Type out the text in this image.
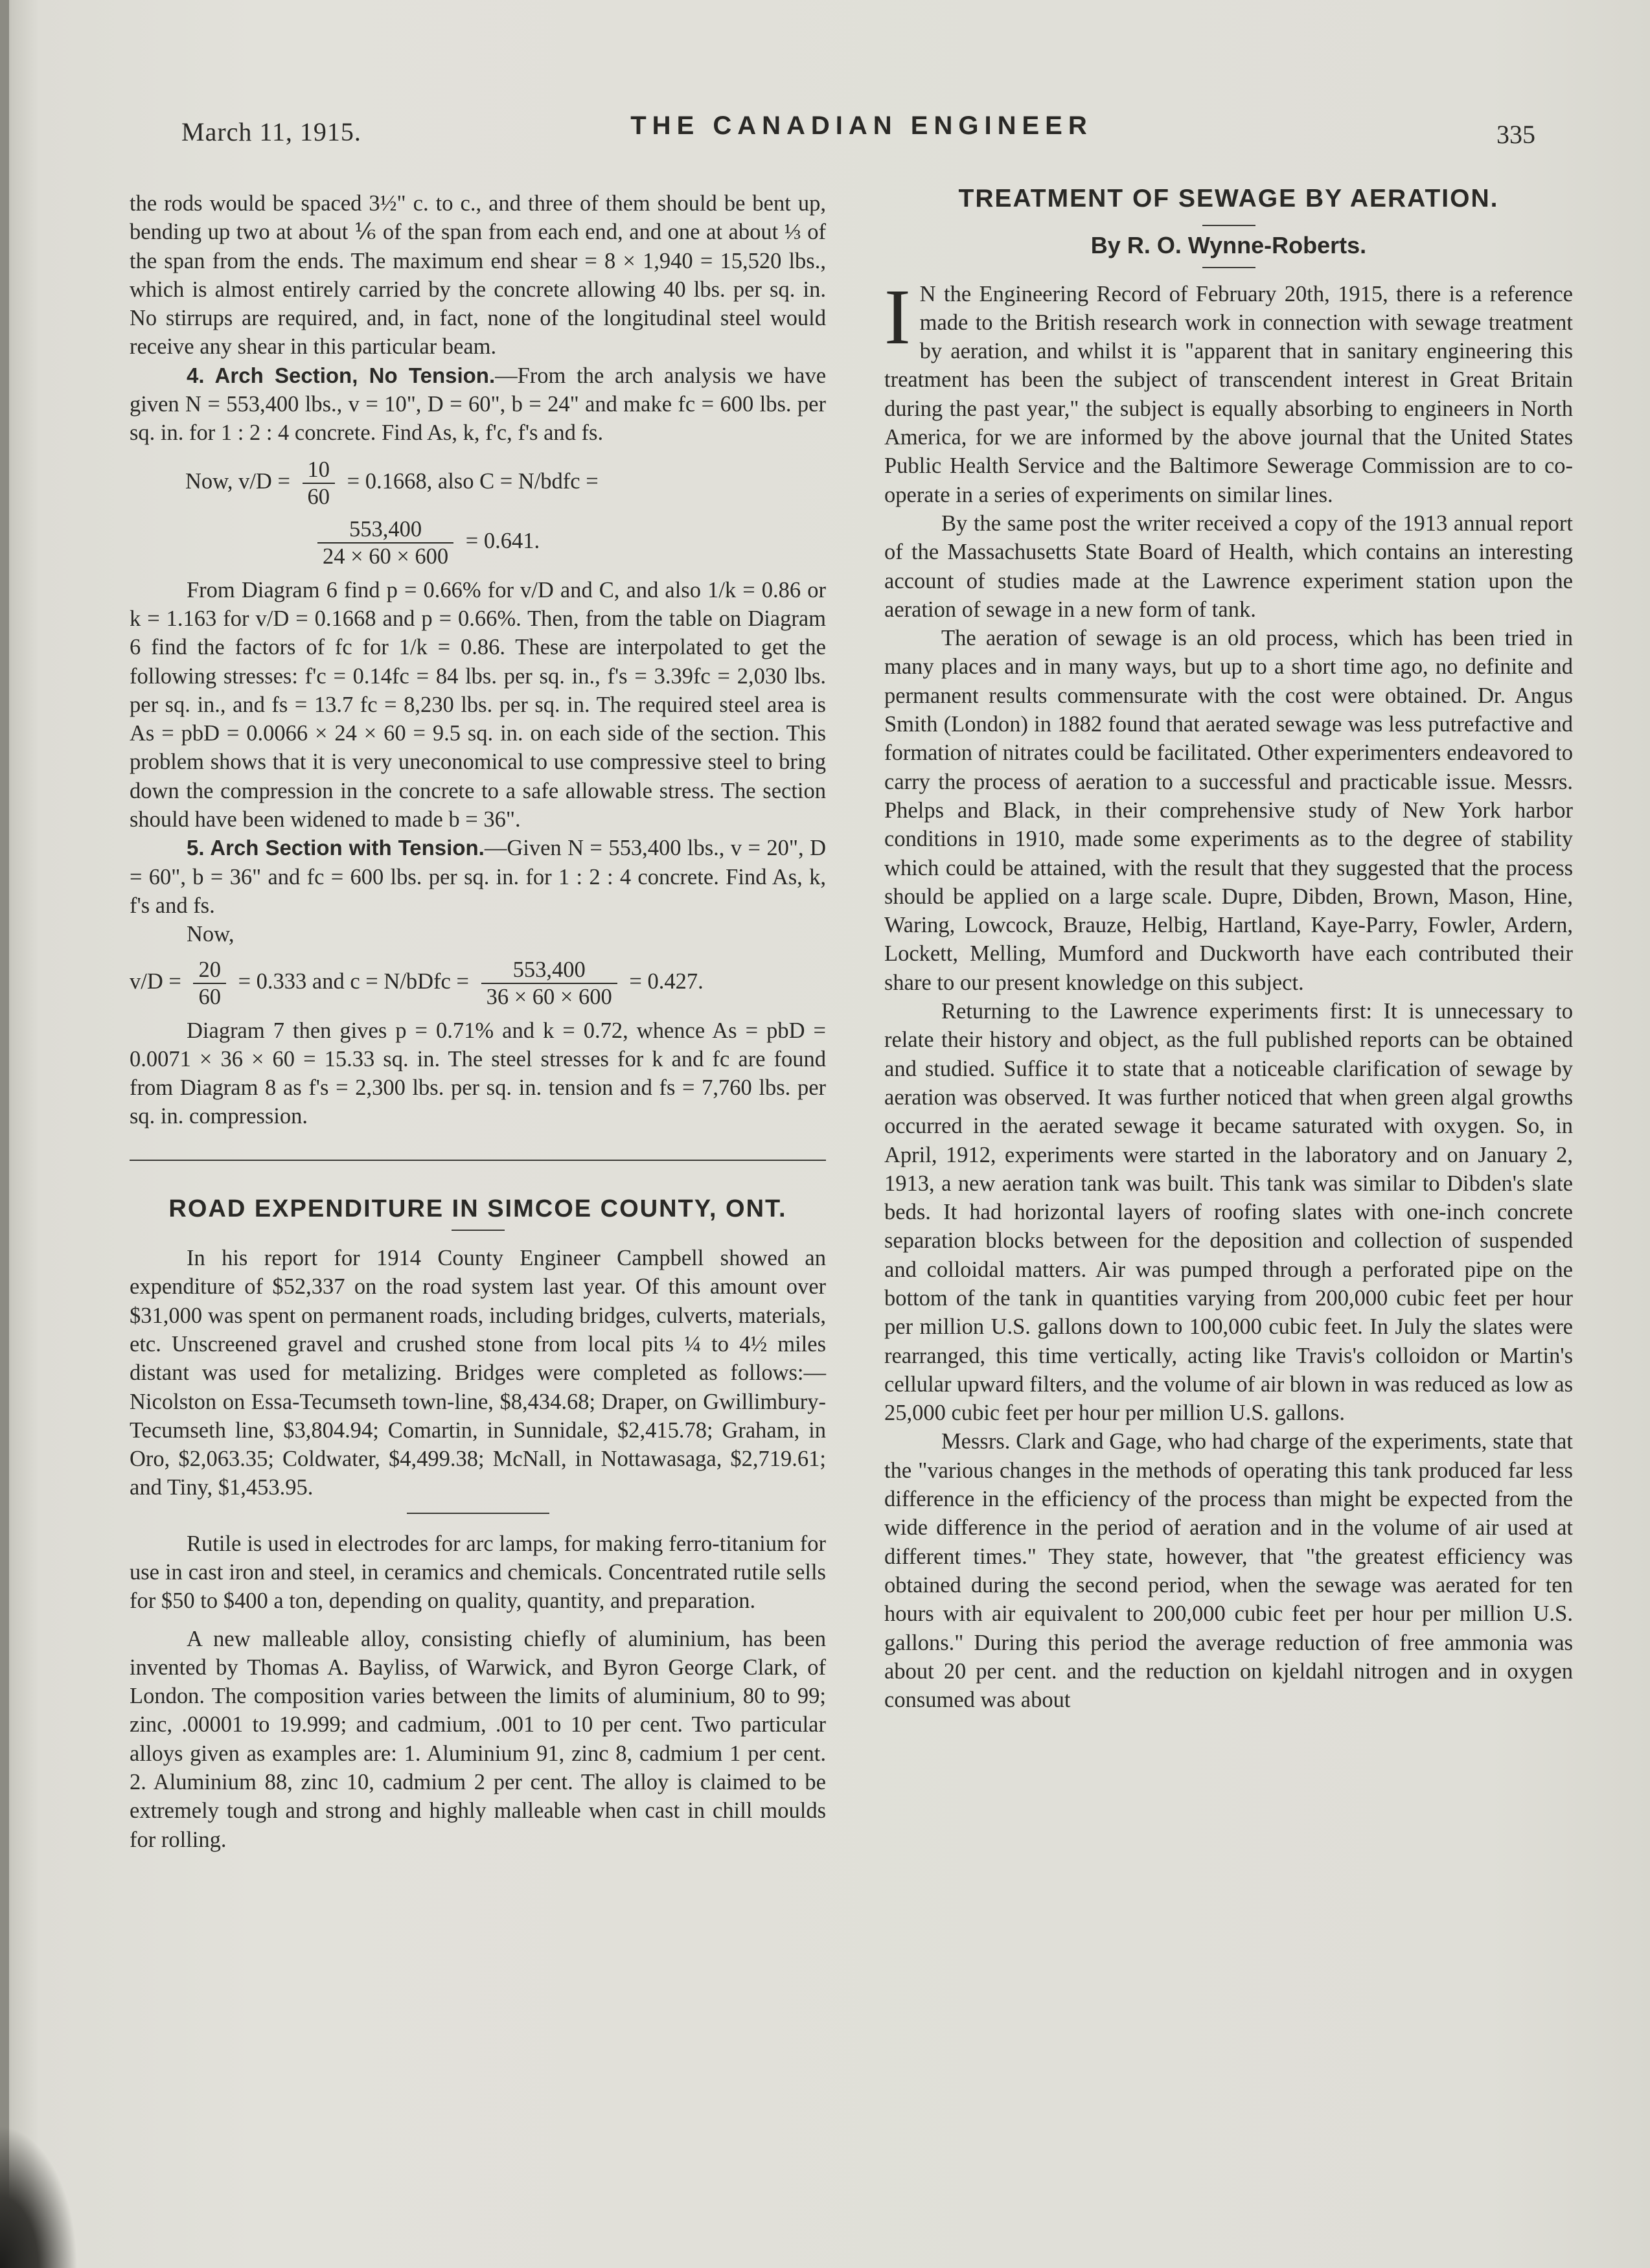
March 11, 1915.	THE CANADIAN ENGINEER	335

the rods would be spaced 3½" c. to c., and three of them should be bent up, bending up two at about ⅙ of the span from each end, and one at about ⅓ of the span from the ends. The maximum end shear = 8 × 1,940 = 15,520 lbs., which is almost entirely carried by the concrete allowing 40 lbs. per sq. in. No stirrups are required, and, in fact, none of the longitudinal steel would receive any shear in this particular beam.

4. Arch Section, No Tension.—From the arch analysis we have given N = 553,400 lbs., v = 10", D = 60", b = 24" and make fc = 600 lbs. per sq. in. for 1 : 2 : 4 concrete. Find As, k, f'c, f's and fs.

Now, $v/D = \frac{10}{60} = 0.1668$, also C = N/bdfc =
$\frac{553,400}{24 \times 60 \times 600} = 0.641$.

From Diagram 6 find p = 0.66% for v/D and C, and also 1/k = 0.86 or k = 1.163 for v/D = 0.1668 and p = 0.66%. Then, from the table on Diagram 6 find the factors of fc for 1/k = 0.86. These are interpolated to get the following stresses: f'c = 0.14fc = 84 lbs. per sq. in., f's = 3.39fc = 2,030 lbs. per sq. in., and fs = 13.7 fc = 8,230 lbs. per sq. in. The required steel area is As = pbD = 0.0066 × 24 × 60 = 9.5 sq. in. on each side of the section. This problem shows that it is very uneconomical to use compressive steel to bring down the compression in the concrete to a safe allowable stress. The section should have been widened to made b = 36".

5. Arch Section with Tension.—Given N = 553,400 lbs., v = 20", D = 60", b = 36" and fc = 600 lbs. per sq. in. for 1 : 2 : 4 concrete. Find As, k, f's and fs.

Now,

$v/D = \frac{20}{60} = 0.333$ and c = N/bDfc = $\frac{553,400}{36 \times 60 \times 600} = 0.427$.

Diagram 7 then gives p = 0.71% and k = 0.72, whence As = pbD = 0.0071 × 36 × 60 = 15.33 sq. in. The steel stresses for k and fc are found from Diagram 8 as f's = 2,300 lbs. per sq. in. tension and fs = 7,760 lbs. per sq. in. compression.

ROAD EXPENDITURE IN SIMCOE COUNTY, ONT.

In his report for 1914 County Engineer Campbell showed an expenditure of $52,337 on the road system last year. Of this amount over $31,000 was spent on permanent roads, including bridges, culverts, materials, etc. Unscreened gravel and crushed stone from local pits ¼ to 4½ miles distant was used for metalizing. Bridges were completed as follows:—Nicolston on Essa-Tecumseth town-line, $8,434.68; Draper, on Gwillimbury-Tecumseth line, $3,804.94; Comartin, in Sunnidale, $2,415.78; Graham, in Oro, $2,063.35; Coldwater, $4,499.38; McNall, in Nottawasaga, $2,719.61; and Tiny, $1,453.95.

Rutile is used in electrodes for arc lamps, for making ferro-titanium for use in cast iron and steel, in ceramics and chemicals. Concentrated rutile sells for $50 to $400 a ton, depending on quality, quantity, and preparation.

A new malleable alloy, consisting chiefly of aluminium, has been invented by Thomas A. Bayliss, of Warwick, and Byron George Clark, of London. The composition varies between the limits of aluminium, 80 to 99; zinc, .00001 to 19.999; and cadmium, .001 to 10 per cent. Two particular alloys given as examples are: 1. Aluminium 91, zinc 8, cadmium 1 per cent. 2. Aluminium 88, zinc 10, cadmium 2 per cent. The alloy is claimed to be extremely tough and strong and highly malleable when cast in chill moulds for rolling.

TREATMENT OF SEWAGE BY AERATION.
By R. O. Wynne-Roberts.

I N the Engineering Record of February 20th, 1915, there is a reference made to the British research work in connection with sewage treatment by aeration, and whilst it is "apparent that in sanitary engineering this treatment has been the subject of transcendent interest in Great Britain during the past year," the subject is equally absorbing to engineers in North America, for we are informed by the above journal that the United States Public Health Service and the Baltimore Sewerage Commission are to co-operate in a series of experiments on similar lines.

By the same post the writer received a copy of the 1913 annual report of the Massachusetts State Board of Health, which contains an interesting account of studies made at the Lawrence experiment station upon the aeration of sewage in a new form of tank.

The aeration of sewage is an old process, which has been tried in many places and in many ways, but up to a short time ago, no definite and permanent results commensurate with the cost were obtained. Dr. Angus Smith (London) in 1882 found that aerated sewage was less putrefactive and formation of nitrates could be facilitated. Other experimenters endeavored to carry the process of aeration to a successful and practicable issue. Messrs. Phelps and Black, in their comprehensive study of New York harbor conditions in 1910, made some experiments as to the degree of stability which could be attained, with the result that they suggested that the process should be applied on a large scale. Dupre, Dibden, Brown, Mason, Hine, Waring, Lowcock, Brauze, Helbig, Hartland, Kaye-Parry, Fowler, Ardern, Lockett, Melling, Mumford and Duckworth have each contributed their share to our present knowledge on this subject.

Returning to the Lawrence experiments first: It is unnecessary to relate their history and object, as the full published reports can be obtained and studied. Suffice it to state that a noticeable clarification of sewage by aeration was observed. It was further noticed that when green algal growths occurred in the aerated sewage it became saturated with oxygen. So, in April, 1912, experiments were started in the laboratory and on January 2, 1913, a new aeration tank was built. This tank was similar to Dibden's slate beds. It had horizontal layers of roofing slates with one-inch concrete separation blocks between for the deposition and collection of suspended and colloidal matters. Air was pumped through a perforated pipe on the bottom of the tank in quantities varying from 200,000 cubic feet per hour per million U.S. gallons down to 100,000 cubic feet. In July the slates were rearranged, this time vertically, acting like Travis's colloidon or Martin's cellular upward filters, and the volume of air blown in was reduced as low as 25,000 cubic feet per hour per million U.S. gallons.

Messrs. Clark and Gage, who had charge of the experiments, state that the "various changes in the methods of operating this tank produced far less difference in the efficiency of the process than might be expected from the wide difference in the period of aeration and in the volume of air used at different times." They state, however, that "the greatest efficiency was obtained during the second period, when the sewage was aerated for ten hours with air equivalent to 200,000 cubic feet per hour per million U.S. gallons." During this period the average reduction of free ammonia was about 20 per cent. and the reduction on kjeldahl nitrogen and in oxygen consumed was about
